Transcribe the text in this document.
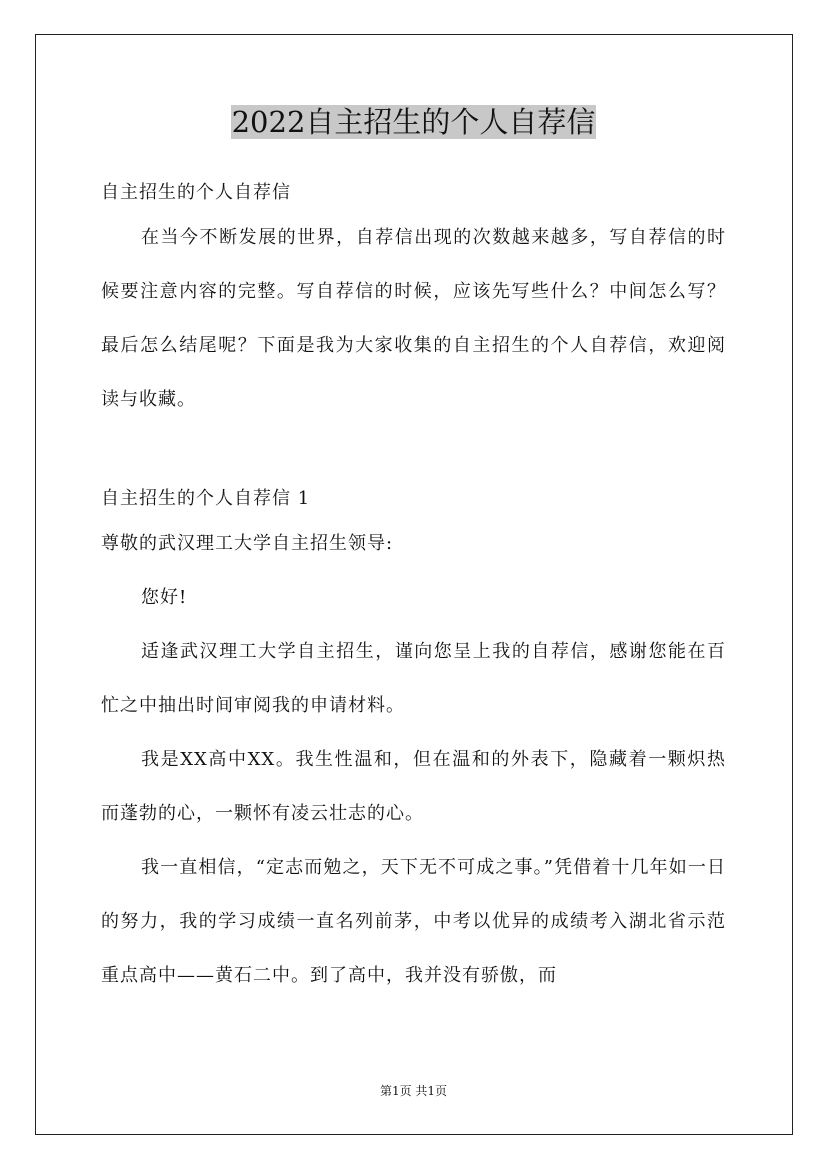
2022自主招生的个人自荐信
自主招生的个人自荐信
在当今不断发展的世界，自荐信出现的次数越来越多，写自荐信的时候要注意内容的完整。写自荐信的时候，应该先写些什么？中间怎么写？最后怎么结尾呢？下面是我为大家收集的自主招生的个人自荐信，欢迎阅读与收藏。
自主招生的个人自荐信 1
尊敬的武汉理工大学自主招生领导:
您好!
适逢武汉理工大学自主招生，谨向您呈上我的自荐信，感谢您能在百忙之中抽出时间审阅我的申请材料。
我是XX高中XX。我生性温和，但在温和的外表下，隐藏着一颗炽热而蓬勃的心，一颗怀有凌云壮志的心。
我一直相信，“定志而勉之，天下无不可成之事。”凭借着十几年如一日的努力，我的学习成绩一直名列前茅，中考以优异的成绩考入湖北省示范重点高中——黄石二中。到了高中，我并没有骄傲，而
第1页 共1页
